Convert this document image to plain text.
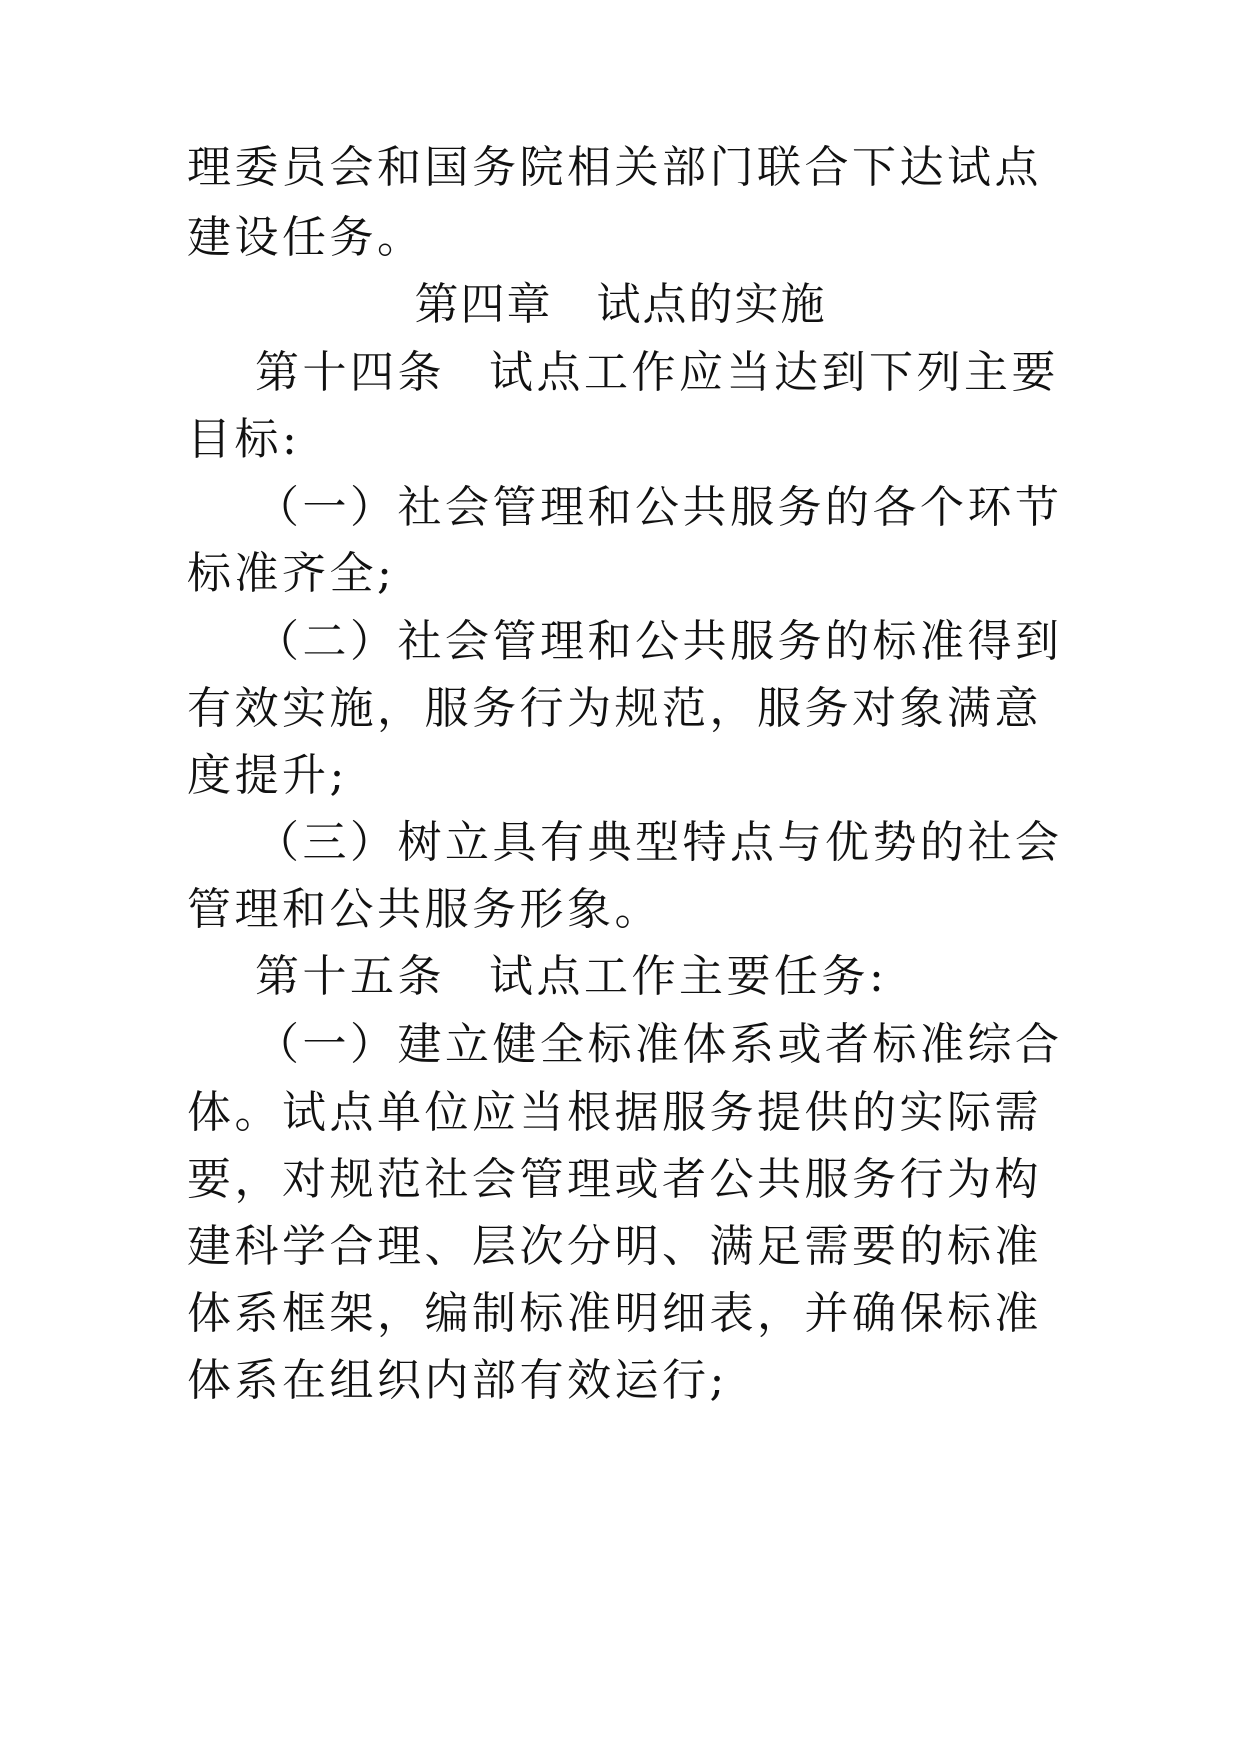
理委员会和国务院相关部门联合下达试点
建设任务。
第四章 试点的实施
第十四条 试点工作应当达到下列主要
目标:
（一）社会管理和公共服务的各个环节
标准齐全;
（二）社会管理和公共服务的标准得到
有效实施，服务行为规范，服务对象满意
度提升;
（三）树立具有典型特点与优势的社会
管理和公共服务形象。
第十五条 试点工作主要任务:
（一）建立健全标准体系或者标准综合
体。试点单位应当根据服务提供的实际需
要，对规范社会管理或者公共服务行为构
建科学合理、层次分明、满足需要的标准
体系框架，编制标准明细表，并确保标准
体系在组织内部有效运行;
